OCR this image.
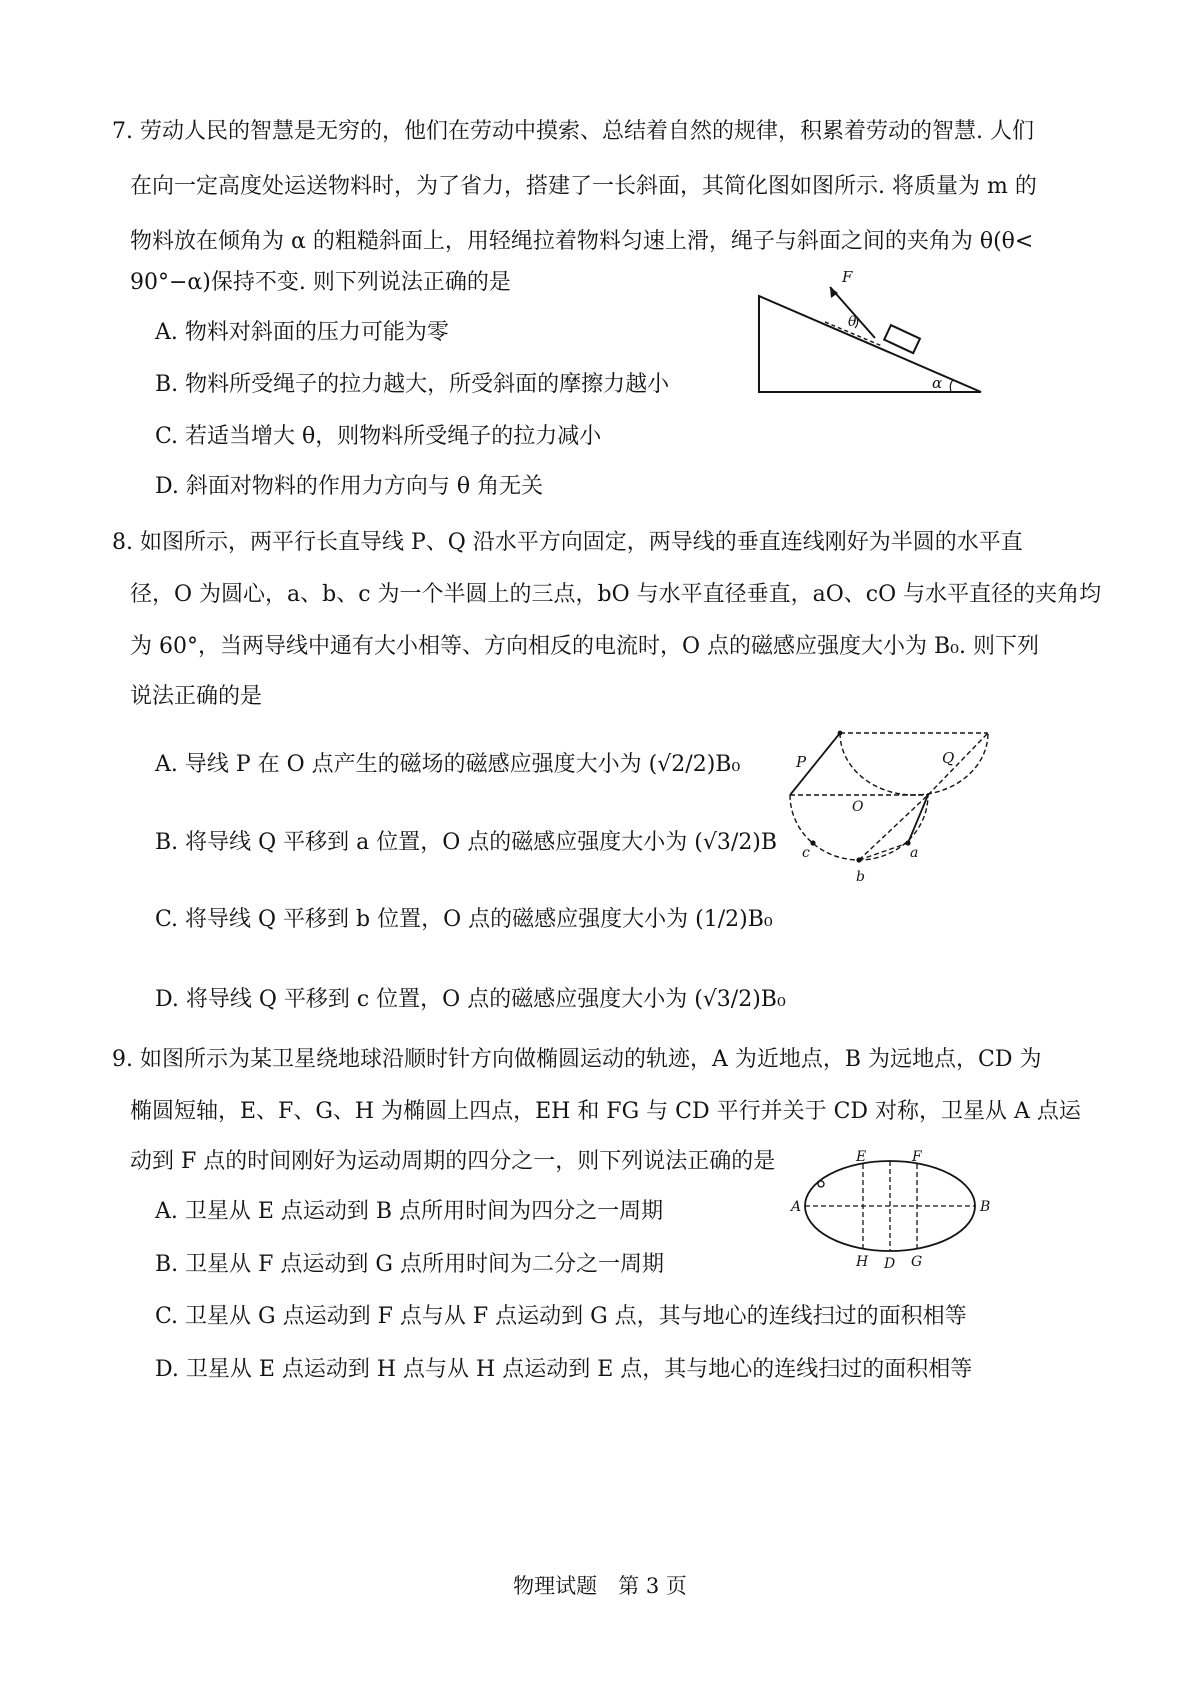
7. 劳动人民的智慧是无穷的，他们在劳动中摸索、总结着自然的规律，积累着劳动的智慧. 人们
在向一定高度处运送物料时，为了省力，搭建了一长斜面，其简化图如图所示. 将质量为 m 的
物料放在倾角为 α 的粗糙斜面上，用轻绳拉着物料匀速上滑，绳子与斜面之间的夹角为 θ(θ<
90°−α)保持不变. 则下列说法正确的是
A. 物料对斜面的压力可能为零
B. 物料所受绳子的拉力越大，所受斜面的摩擦力越小
C. 若适当增大 θ，则物料所受绳子的拉力减小
D. 斜面对物料的作用力方向与 θ 角无关
F
θ
α
8. 如图所示，两平行长直导线 P、Q 沿水平方向固定，两导线的垂直连线刚好为半圆的水平直
径，O 为圆心，a、b、c 为一个半圆上的三点，bO 与水平直径垂直，aO、cO 与水平直径的夹角均
为 60°，当两导线中通有大小相等、方向相反的电流时，O 点的磁感应强度大小为 B₀. 则下列
说法正确的是
A. 导线 P 在 O 点产生的磁场的磁感应强度大小为 (√2/2)B₀
B. 将导线 Q 平移到 a 位置，O 点的磁感应强度大小为 (√3/2)B
C. 将导线 Q 平移到 b 位置，O 点的磁感应强度大小为 (1/2)B₀
D. 将导线 Q 平移到 c 位置，O 点的磁感应强度大小为 (√3/2)B₀
P	Q
O
a
b
c
9. 如图所示为某卫星绕地球沿顺时针方向做椭圆运动的轨迹，A 为近地点，B 为远地点，CD 为
椭圆短轴，E、F、G、H 为椭圆上四点，EH 和 FG 与 CD 平行并关于 CD 对称，卫星从 A 点运
动到 F 点的时间刚好为运动周期的四分之一，则下列说法正确的是
A. 卫星从 E 点运动到 B 点所用时间为四分之一周期
B. 卫星从 F 点运动到 G 点所用时间为二分之一周期
C. 卫星从 G 点运动到 F 点与从 F 点运动到 G 点，其与地心的连线扫过的面积相等
D. 卫星从 E 点运动到 H 点与从 H 点运动到 E 点，其与地心的连线扫过的面积相等
A	B
E	F
H D G
物理试题　第 3 页
